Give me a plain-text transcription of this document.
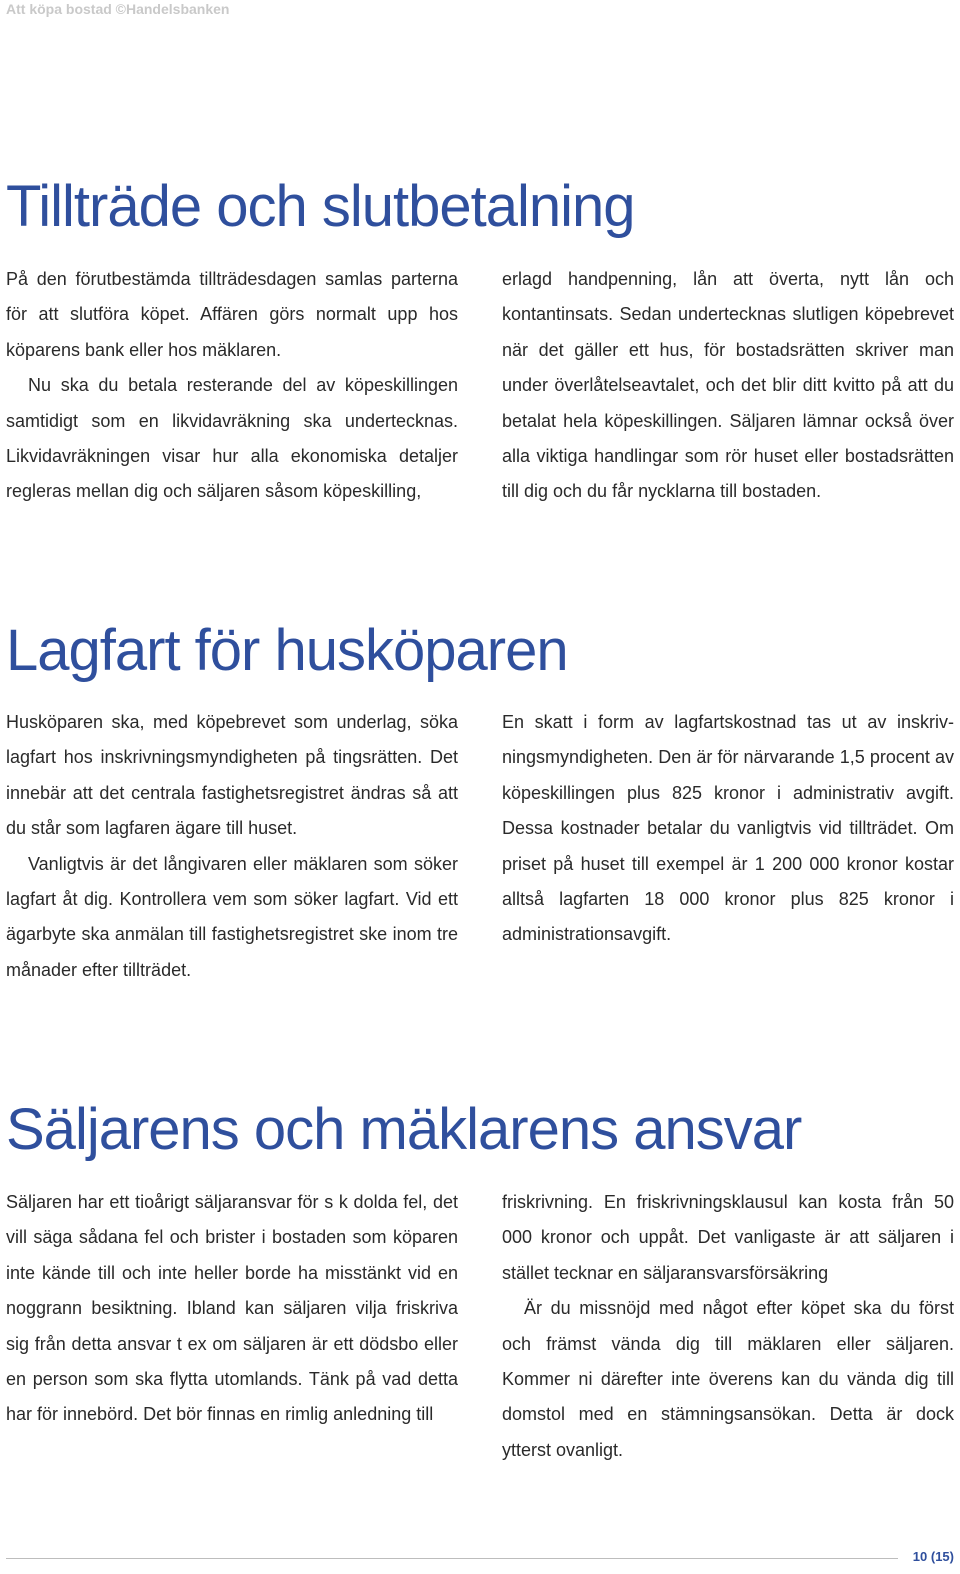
Att köpa bostad ©Handelsbanken
Tillträde och slutbetalning

På den förutbestämda tillträdesdagen samlas parterna för att slutföra köpet. Affären görs normalt upp hos köparens bank eller hos mäklaren.

Nu ska du betala resterande del av köpeskillingen samtidigt som en likvidavräkning ska undertecknas. Likvidavräkningen visar hur alla ekonomiska detaljer regleras mellan dig och säljaren såsom köpeskilling,

erlagd handpenning, lån att överta, nytt lån och kontantinsats. Sedan undertecknas slutligen köpebrevet när det gäller ett hus, för bostadsrätten skriver man under överlåtelseavtalet, och det blir ditt kvitto på att du betalat hela köpeskillingen. Säljaren lämnar också över alla viktiga handlingar som rör huset eller bostadsrätten till dig och du får nycklarna till bostaden.

Lagfart för husköparen

Husköparen ska, med köpebrevet som underlag, söka lagfart hos inskrivningsmyndigheten på tingsrätten. Det innebär att det centrala fastighetsregistret ändras så att du står som lagfaren ägare till huset.

Vanligtvis är det långivaren eller mäklaren som söker lagfart åt dig. Kontrollera vem som söker lagfart. Vid ett ägarbyte ska anmälan till fastighetsregistret ske inom tre månader efter tillträdet.

En skatt i form av lagfartskostnad tas ut av inskrivningsmyndigheten. Den är för närvarande 1,5 procent av köpeskillingen plus 825 kronor i administrativ avgift. Dessa kostnader betalar du vanligtvis vid tillträdet. Om priset på huset till exempel är 1 200 000 kronor kostar alltså lagfarten 18 000 kronor plus 825 kronor i administrationsavgift.

Säljarens och mäklarens ansvar

Säljaren har ett tioårigt säljaransvar för s k dolda fel, det vill säga sådana fel och brister i bostaden som köparen inte kände till och inte heller borde ha misstänkt vid en noggrann besiktning. Ibland kan säljaren vilja friskriva sig från detta ansvar t ex om säljaren är ett dödsbo eller en person som ska flytta utomlands. Tänk på vad detta har för innebörd. Det bör finnas en rimlig anledning till

friskrivning. En friskrivningsklausul kan kosta från 50 000 kronor och uppåt. Det vanligaste är att säljaren i stället tecknar en säljaransvarsförsäkring

Är du missnöjd med något efter köpet ska du först och främst vända dig till mäklaren eller säljaren. Kommer ni därefter inte överens kan du vända dig till domstol med en stämningsansökan. Detta är dock ytterst ovanligt.

10 (15)
